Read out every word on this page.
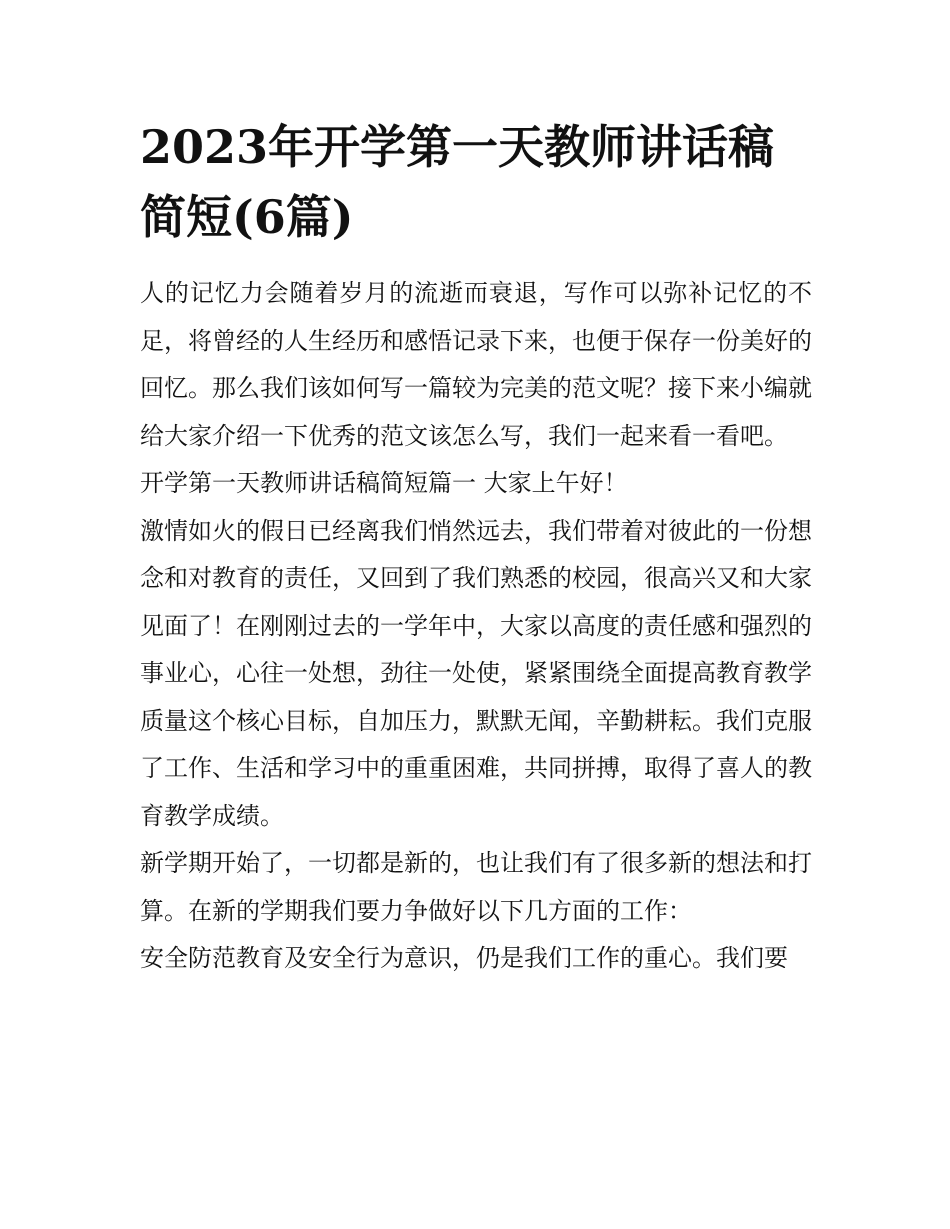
2023年开学第一天教师讲话稿简短(6篇)

人的记忆力会随着岁月的流逝而衰退，写作可以弥补记忆的不足，将曾经的人生经历和感悟记录下来，也便于保存一份美好的回忆。那么我们该如何写一篇较为完美的范文呢？接下来小编就给大家介绍一下优秀的范文该怎么写，我们一起来看一看吧。

开学第一天教师讲话稿简短篇一 大家上午好！

激情如火的假日已经离我们悄然远去，我们带着对彼此的一份想念和对教育的责任，又回到了我们熟悉的校园，很高兴又和大家见面了！在刚刚过去的一学年中，大家以高度的责任感和强烈的事业心，心往一处想，劲往一处使，紧紧围绕全面提高教育教学质量这个核心目标，自加压力，默默无闻，辛勤耕耘。我们克服了工作、生活和学习中的重重困难，共同拼搏，取得了喜人的教育教学成绩。

新学期开始了，一切都是新的，也让我们有了很多新的想法和打算。在新的学期我们要力争做好以下几方面的工作：

安全防范教育及安全行为意识，仍是我们工作的重心。我们要
